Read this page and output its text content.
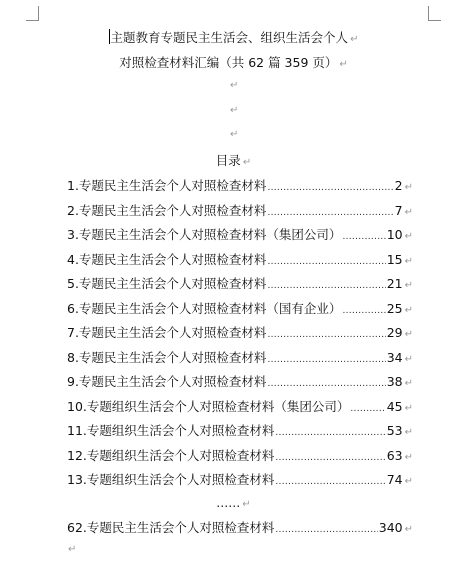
主题教育专题民主生活会、组织生活会个人 ↵
对照检查材料汇编（共 62 篇 359 页） ↵
↵
↵
↵
目录 ↵
1.专题民主生活会个人对照检查材料 .....	2 ↵
2.专题民主生活会个人对照检查材料 .....	7 ↵
3.专题民主生活会个人对照检查材料（集团公司） .....	10 ↵
4.专题民主生活会个人对照检查材料 .....	15 ↵
5.专题民主生活会个人对照检查材料 .....	21 ↵
6.专题民主生活会个人对照检查材料（国有企业） .....	25 ↵
7.专题民主生活会个人对照检查材料 .....	29 ↵
8.专题民主生活会个人对照检查材料 .....	34 ↵
9.专题民主生活会个人对照检查材料 .....	38 ↵
10.专题组织生活会个人对照检查材料（集团公司） .....	45 ↵
11.专题组织生活会个人对照检查材料 .....	53 ↵
12.专题组织生活会个人对照检查材料 .....	63 ↵
13.专题组织生活会个人对照检查材料 .....	74 ↵
…… ↵
62.专题民主生活会个人对照检查材料 .....	340 ↵
↵
